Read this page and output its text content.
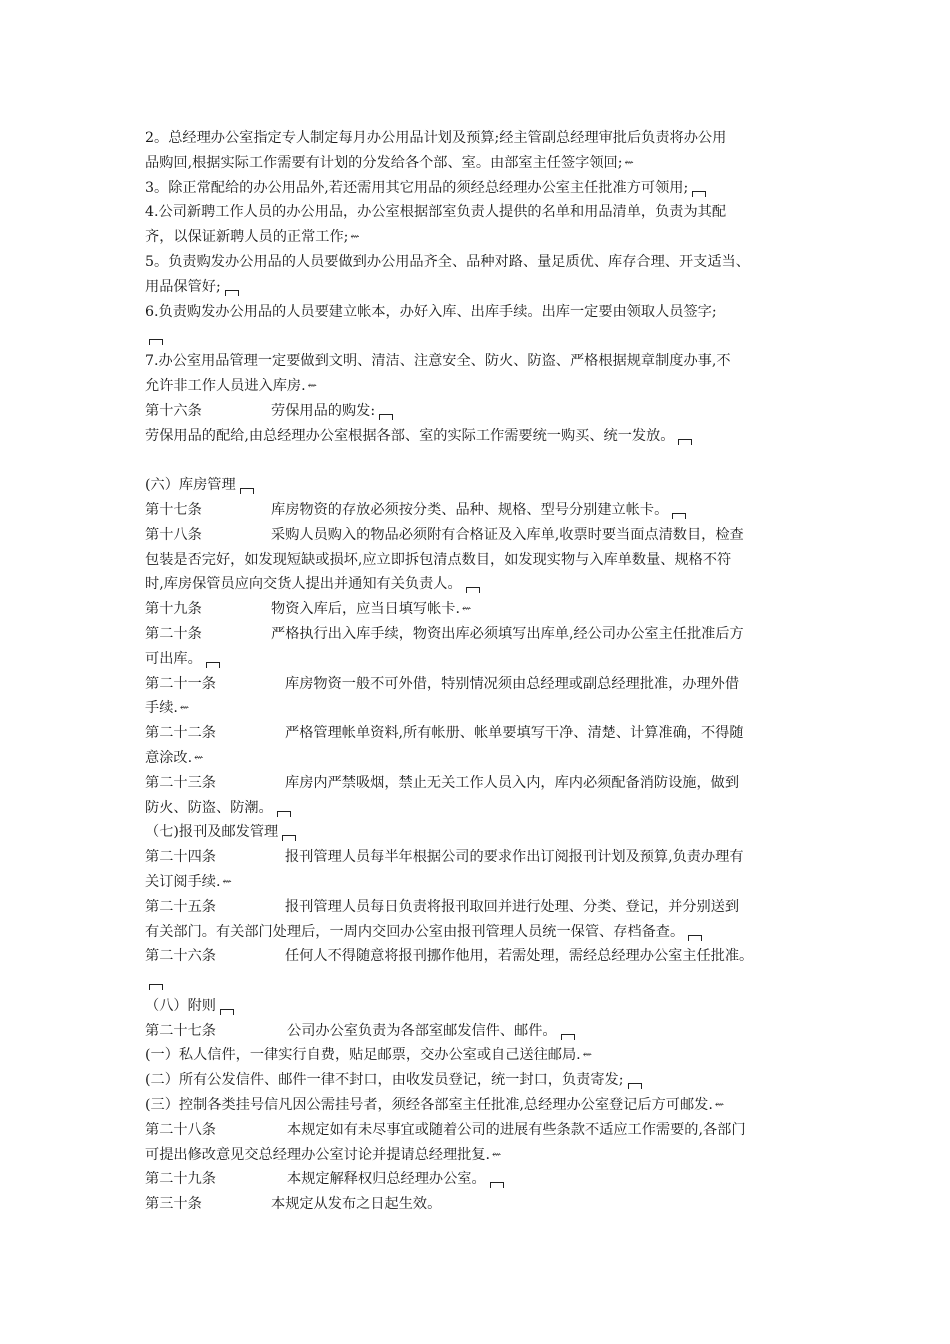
2。总经理办公室指定专人制定每月办公用品计划及预算;经主管副总经理审批后负责将办公用
品购回,根据实际工作需要有计划的分发给各个部、室。由部室主任签字领回; ⇜
3。除正常配给的办公用品外,若还需用其它用品的须经总经理办公室主任批准方可领用;
4.公司新聘工作人员的办公用品，办公室根据部室负责人提供的名单和用品清单，负责为其配
齐，以保证新聘人员的正常工作; ⇜
5。负责购发办公用品的人员要做到办公用品齐全、品种对路、量足质优、库存合理、开支适当、
用品保管好;
6.负责购发办公用品的人员要建立帐本，办好入库、出库手续。出库一定要由领取人员签字;
7.办公室用品管理一定要做到文明、清洁、注意安全、防火、防盗、严格根据规章制度办事,不
允许非工作人员进入库房. ⇜
第十六条	劳保用品的购发:
劳保用品的配给,由总经理办公室根据各部、室的实际工作需要统一购买、统一发放。
(六）库房管理
第十七条	库房物资的存放必须按分类、品种、规格、型号分别建立帐卡。
第十八条	采购人员购入的物品必须附有合格证及入库单,收票时要当面点清数目，检查
包装是否完好，如发现短缺或损坏,应立即拆包清点数目，如发现实物与入库单数量、规格不符
时,库房保管员应向交货人提出并通知有关负责人。
第十九条	物资入库后，应当日填写帐卡. ⇜
第二十条	严格执行出入库手续，物资出库必须填写出库单,经公司办公室主任批准后方
可出库。
第二十一条	库房物资一般不可外借，特别情况须由总经理或副总经理批准，办理外借
手续. ⇜
第二十二条	严格管理帐单资料,所有帐册、帐单要填写干净、清楚、计算准确，不得随
意涂改. ⇜
第二十三条	库房内严禁吸烟，禁止无关工作人员入内，库内必须配备消防设施，做到
防火、防盗、防潮。
（七)报刊及邮发管理
第二十四条	报刊管理人员每半年根据公司的要求作出订阅报刊计划及预算,负责办理有
关订阅手续. ⇜
第二十五条	报刊管理人员每日负责将报刊取回并进行处理、分类、登记，并分别送到
有关部门。有关部门处理后，一周内交回办公室由报刊管理人员统一保管、存档备查。
第二十六条	任何人不得随意将报刊挪作他用，若需处理，需经总经理办公室主任批准。
（八）附则
第二十七条	公司办公室负责为各部室邮发信件、邮件。
(一）私人信件，一律实行自费，贴足邮票，交办公室或自己送往邮局. ⇜
(二）所有公发信件、邮件一律不封口，由收发员登记，统一封口，负责寄发;
(三）控制各类挂号信凡因公需挂号者，须经各部室主任批准,总经理办公室登记后方可邮发. ⇜
第二十八条	本规定如有未尽事宜或随着公司的进展有些条款不适应工作需要的,各部门
可提出修改意见交总经理办公室讨论并提请总经理批复. ⇜
第二十九条	本规定解释权归总经理办公室。
第三十条	本规定从发布之日起生效。
